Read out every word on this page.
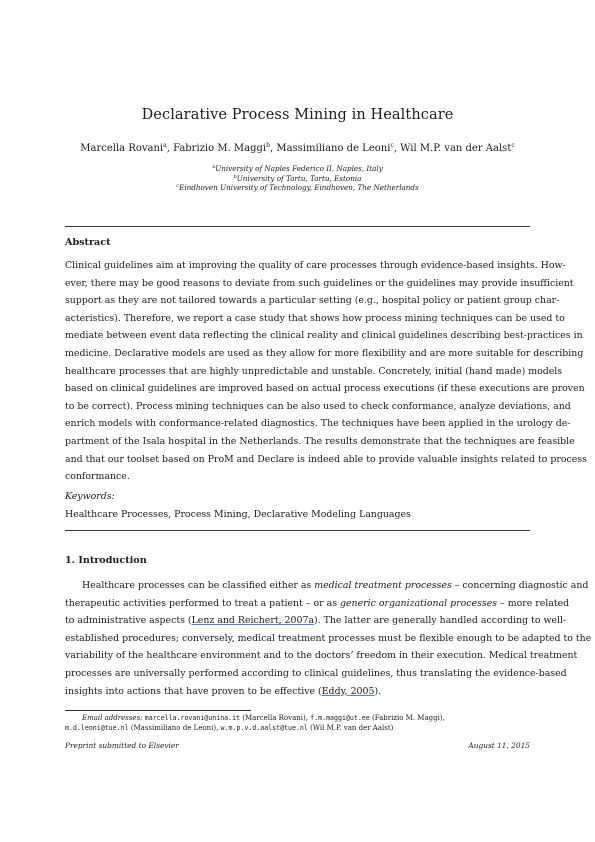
Declarative Process Mining in Healthcare
Marcella Rovani$^a$, Fabrizio M. Maggi$^b$, Massimiliano de Leoni$^c$, Wil M.P. van der Aalst$^c$
$^a$University of Naples Federico II, Naples, Italy
$^b$University of Tartu, Tartu, Estonia
$^c$Eindhoven University of Technology, Eindhoven, The Netherlands
Abstract
Clinical guidelines aim at improving the quality of care processes through evidence-based insights. How-
ever, there may be good reasons to deviate from such guidelines or the guidelines may provide insufficient
support as they are not tailored towards a particular setting (e.g., hospital policy or patient group char-
acteristics). Therefore, we report a case study that shows how process mining techniques can be used to
mediate between event data reflecting the clinical reality and clinical guidelines describing best-practices in
medicine. Declarative models are used as they allow for more flexibility and are more suitable for describing
healthcare processes that are highly unpredictable and unstable. Concretely, initial (hand made) models
based on clinical guidelines are improved based on actual process executions (if these executions are proven
to be correct). Process mining techniques can be also used to check conformance, analyze deviations, and
enrich models with conformance-related diagnostics. The techniques have been applied in the urology de-
partment of the Isala hospital in the Netherlands. The results demonstrate that the techniques are feasible
and that our toolset based on ProM and Declare is indeed able to provide valuable insights related to process
conformance.
Keywords:
Healthcare Processes, Process Mining, Declarative Modeling Languages
1. Introduction
Healthcare processes can be classified either as medical treatment processes – concerning diagnostic and
therapeutic activities performed to treat a patient – or as generic organizational processes – more related
to administrative aspects (Lenz and Reichert, 2007a). The latter are generally handled according to well-
established procedures; conversely, medical treatment processes must be flexible enough to be adapted to the
variability of the healthcare environment and to the doctors’ freedom in their execution. Medical treatment
processes are universally performed according to clinical guidelines, thus translating the evidence-based
insights into actions that have proven to be effective (Eddy, 2005).
Email addresses: marcella.rovani@unina.it (Marcella Rovani), f.m.maggi@ut.ee (Fabrizio M. Maggi),
m.d.leoni@tue.nl (Massimiliano de Leoni), w.m.p.v.d.aalst@tue.nl (Wil M.P. van der Aalst)
Preprint submitted to Elsevier	August 11, 2015
